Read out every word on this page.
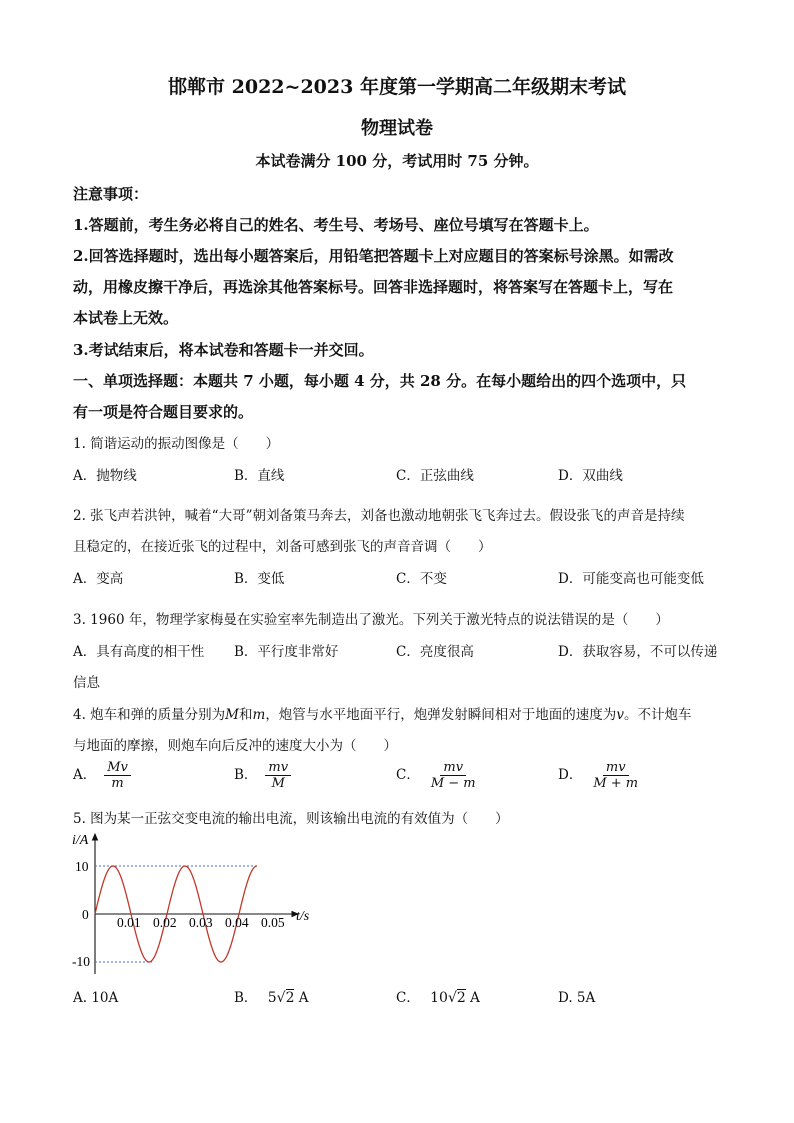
邯郸市 2022~2023 年度第一学期高二年级期末考试
物理试卷
本试卷满分 100 分，考试用时 75 分钟。
注意事项：
1.答题前，考生务必将自己的姓名、考生号、考场号、座位号填写在答题卡上。
2.回答选择题时，选出每小题答案后，用铅笔把答题卡上对应题目的答案标号涂黑。如需改
动，用橡皮擦干净后，再选涂其他答案标号。回答非选择题时，将答案写在答题卡上，写在
本试卷上无效。
3.考试结束后，将本试卷和答题卡一并交回。
一、单项选择题：本题共 7 小题，每小题 4 分，共 28 分。在每小题给出的四个选项中，只
有一项是符合题目要求的。
1. 简谐运动的振动图像是（　　）
A．抛物线	B．直线	C．正弦曲线	D．双曲线
2. 张飞声若洪钟，喊着“大哥”朝刘备策马奔去，刘备也激动地朝张飞飞奔过去。假设张飞的声音是持续
且稳定的，在接近张飞的过程中，刘备可感到张飞的声音音调（　　）
A．变高	B．变低	C．不变	D．可能变高也可能变低
3. 1960 年，物理学家梅曼在实验室率先制造出了激光。下列关于激光特点的说法错误的是（　　）
A．具有高度的相干性 B．平行度非常好	C．亮度很高	D．获取容易，不可以传递
信息
4. 炮车和弹的质量分别为M和m，炮管与水平地面平行，炮弹发射瞬间相对于地面的速度为v。不计炮车
与地面的摩擦，则炮车向后反冲的速度大小为（　　）
A． $\frac{Mv}{m}$	B． $\frac{mv}{M}$	C． $\frac{mv}{M - m}$	D． $\frac{mv}{M + m}$
5. 图为某一正弦交变电流的输出电流，则该输出电流的有效值为（　　）
i/A
t/s
10
0
-10
0.01 0.02 0.03 0.04 0.05
A. 10A	B． 5√2 A	C． 10√2 A	D. 5A
